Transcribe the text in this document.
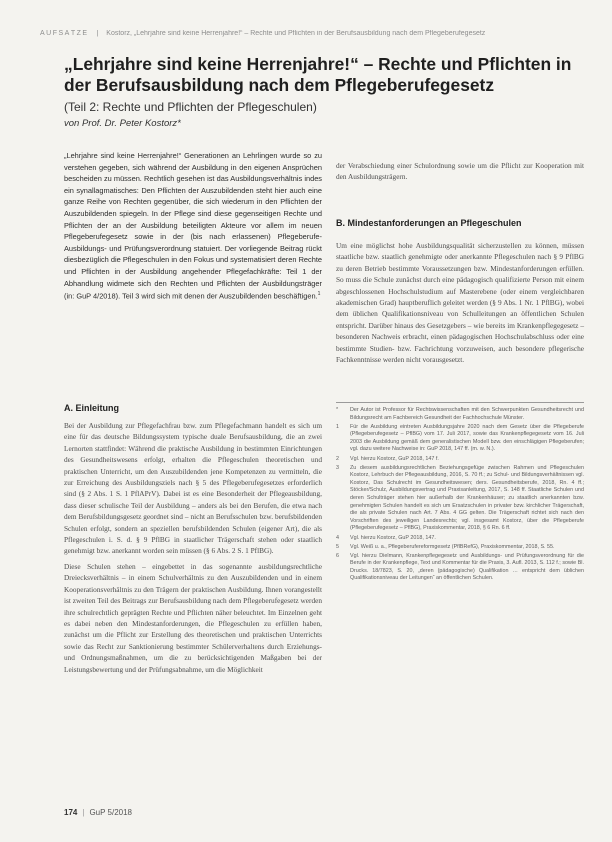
AUFSÄTZE | Kostorz, „Lehrjahre sind keine Herrenjahre!“ – Rechte und Pflichten in der Berufsausbildung nach dem Pflegeberufegesetz
„Lehrjahre sind keine Herrenjahre!“ – Rechte und Pflichten in der Berufsausbildung nach dem Pflegeberufegesetz
(Teil 2: Rechte und Pflichten der Pflegeschulen)
von Prof. Dr. Peter Kostorz*

„Lehrjahre sind keine Herrenjahre!“ Generationen an Lehrlingen wurde so zu verstehen gegeben, sich während der Ausbildung in den eigenen Ansprüchen bescheiden zu müssen. Rechtlich gesehen ist das Ausbildungsverhältnis indes ein synallagmatisches: Den Pflichten der Auszubildenden steht hier auch eine ganze Reihe von Rechten gegenüber, die sich wiederum in den Pflichten der Auszubildenden spiegeln. In der Pflege sind diese gegenseitigen Rechte und Pflichten der an der Ausbildung beteiligten Akteure vor allem im neuen Pflegeberufegesetz sowie in der (bis nach erlassenen) Pflegeberufe-Ausbildungs- und Prüfungsverordnung statuiert. Der vorliegende Beitrag rückt diesbezüglich die Pflegeschulen in den Fokus und systematisiert deren Rechte und Pflichten in der Ausbildung angehender Pflegefachkräfte: Teil 1 der Abhandlung widmete sich den Rechten und Pflichten der Ausbildungsträger (in: GuP 4/2018). Teil 3 wird sich mit denen der Auszubildenden beschäftigen.$^1$

A. Einleitung

Bei der Ausbildung zur Pflegefachfrau bzw. zum Pflegefachmann handelt es sich um eine für das deutsche Bildungssystem typische duale Berufsausbildung, die an zwei Lernorten stattfindet: Während die praktische Ausbildung in bestimmten Einrichtungen des Gesundheitswesens erfolgt, erhalten die Pflegeschulen theoretischen und praktischen Unterricht, um den Auszubildenden jene Kompetenzen zu vermitteln, die zur Erreichung des Ausbildungsziels nach § 5 des Pflegeberufegesetzes erforderlich sind (§ 2 Abs. 1 S. 1 PflAPrV). Dabei ist es eine Besonderheit der Pflegeausbildung, dass dieser schulische Teil der Ausbildung – anders als bei den Berufen, die etwa nach dem Berufsbildungsgesetz geordnet sind – nicht an Berufsschulen bzw. berufsbildenden Schulen erfolgt, sondern an speziellen berufsbildenden Schulen (eigener Art), die als Pflegeschulen i. S. d. § 9 PflBG in staatlicher Trägerschaft stehen oder staatlich genehmigt bzw. anerkannt worden sein müssen (§ 6 Abs. 2 S. 1 PflBG).

Diese Schulen stehen – eingebettet in das sogenannte ausbildungsrechtliche Dreiecksverhältnis – in einem Schulverhältnis zu den Auszubildenden und in einem Kooperationsverhältnis zu den Trägern der praktischen Ausbildung. Ihnen vorangestellt ist zweiten Teil des Beitrags zur Berufsausbildung nach dem Pflegeberufegesetz werden ihre schulrechtlich geprägten Rechte und Pflichten näher beleuchtet. Im Einzelnen geht es dabei neben den Mindestanforderungen, die Pflegeschulen zu erfüllen haben, zunächst um die Pflicht zur Erstellung des theoretischen und praktischen Unterrichts sowie das Recht zur Sanktionierung bestimmter Schülerverhaltens durch Erziehungs- und Ordnungsmaßnahmen, um die zu berücksichtigenden Maßgaben bei der Leistungsbewertung und der Prüfungsabnahme, um die Möglichkeit

der Verabschiedung einer Schulordnung sowie um die Pflicht zur Kooperation mit den Ausbildungsträgern.

B. Mindestanforderungen an Pflegeschulen

Um eine möglichst hohe Ausbildungsqualität sicherzustellen zu können, müssen staatliche bzw. staatlich genehmigte oder anerkannte Pflegeschulen nach § 9 PflBG zu deren Betrieb bestimmte Voraussetzungen bzw. Mindestanforderungen erfüllen. So muss die Schule zunächst durch eine pädagogisch qualifizierte Person mit einem abgeschlossenen Hochschulstudium auf Masterebene (oder einem vergleichbaren akademischen Grad) hauptberuflich geleitet werden (§ 9 Abs. 1 Nr. 1 PflBG), wobei dem üblichen Qualifikationsniveau von Schulleitungen an öffentlichen Schulen entspricht. Darüber hinaus des Gesetzgebers – wie bereits im Krankenpflegegesetz – besonderen Nachweis erbracht, einen pädagogischen Hochschulabschluss oder eine bestimmte Studien- bzw. Fachrichtung vorzuweisen, auch besondere pflegerische Fachkenntnisse werden nicht vorausgesetzt.

*	Der Autor ist Professor für Rechtswissenschaften mit den Schwerpunkten Gesundheitsrecht und Bildungsrecht am Fachbereich Gesundheit der Fachhochschule Münster.
1	Für die Ausbildung eintreten Ausbildungsjahre 2020 nach dem Gesetz über die Pflegeberufe (Pflegeberufegesetz – PflBG) vom 17. Juli 2017, sowie das Krankenpflegegesetz vom 16. Juli 2003 die Ausbildung gemäß dem generalistischen Modell bzw. den einschlägigen Pflegeberufen; vgl. dazu weitere Nachweise in: GuP 2018, 147 ff. (m. w. N.).
2	Vgl. hierzu Kostorz, GuP 2018, 147 f.
3	Zu diesem ausbildungsrechtlichen Beziehungsgefüge zwischen Rahmen und Pflegeschulen Kostorz, Lehrbuch der Pflegeausbildung, 2016, S. 70 ff.; zu Schul- und Bildungsverhältnissen vgl. Kostorz, Das Schulrecht im Gesundheitswesen; ders. Gesundheitsberufe, 2018, Rn. 4 ff.; Stöcker/Schulz, Ausbildungsvertrag und Praxisanleitung, 2017, S. 148 ff. Staatliche Schulen und deren Schulträger stehen hier außerhalb der Krankenhäuser; zu staatlich anerkannten bzw. genehmigten Schulen handelt es sich um Ersatzschulen in privater bzw. kirchlicher Trägerschaft, die als private Schulen nach Art. 7 Abs. 4 GG gelten. Die Trägerschaft richtet sich nach den Vorschriften des jeweiligen Landesrechts; vgl. insgesamt Kostorz, über die Pflegeberufe (Pflegeberufegesetz – PflBG), Praxiskommentar, 2018, § 6 Rn. 6 ff.
4	Vgl. hierzu Kostorz, GuP 2018, 147.
5	Vgl. Weiß u. a., Pflegeberufereformgesetz (PflBRefG), Praxiskommentar, 2018, S. 55.
6	Vgl. hierzu Dielmann, Krankenpflegegesetz und Ausbildungs- und Prüfungsverordnung für die Berufe in der Krankenpflege, Text und Kommentar für die Praxis, 3. Aufl. 2013, S. 112 f.; sowie Bl. Drucks. 18/7823, S. 20, „deren (pädagogische) Qualifikation … entspricht dem üblichen Qualifikationsniveau der Leitungen“ an öffentlichen Schulen.
174 | GuP 5/2018
